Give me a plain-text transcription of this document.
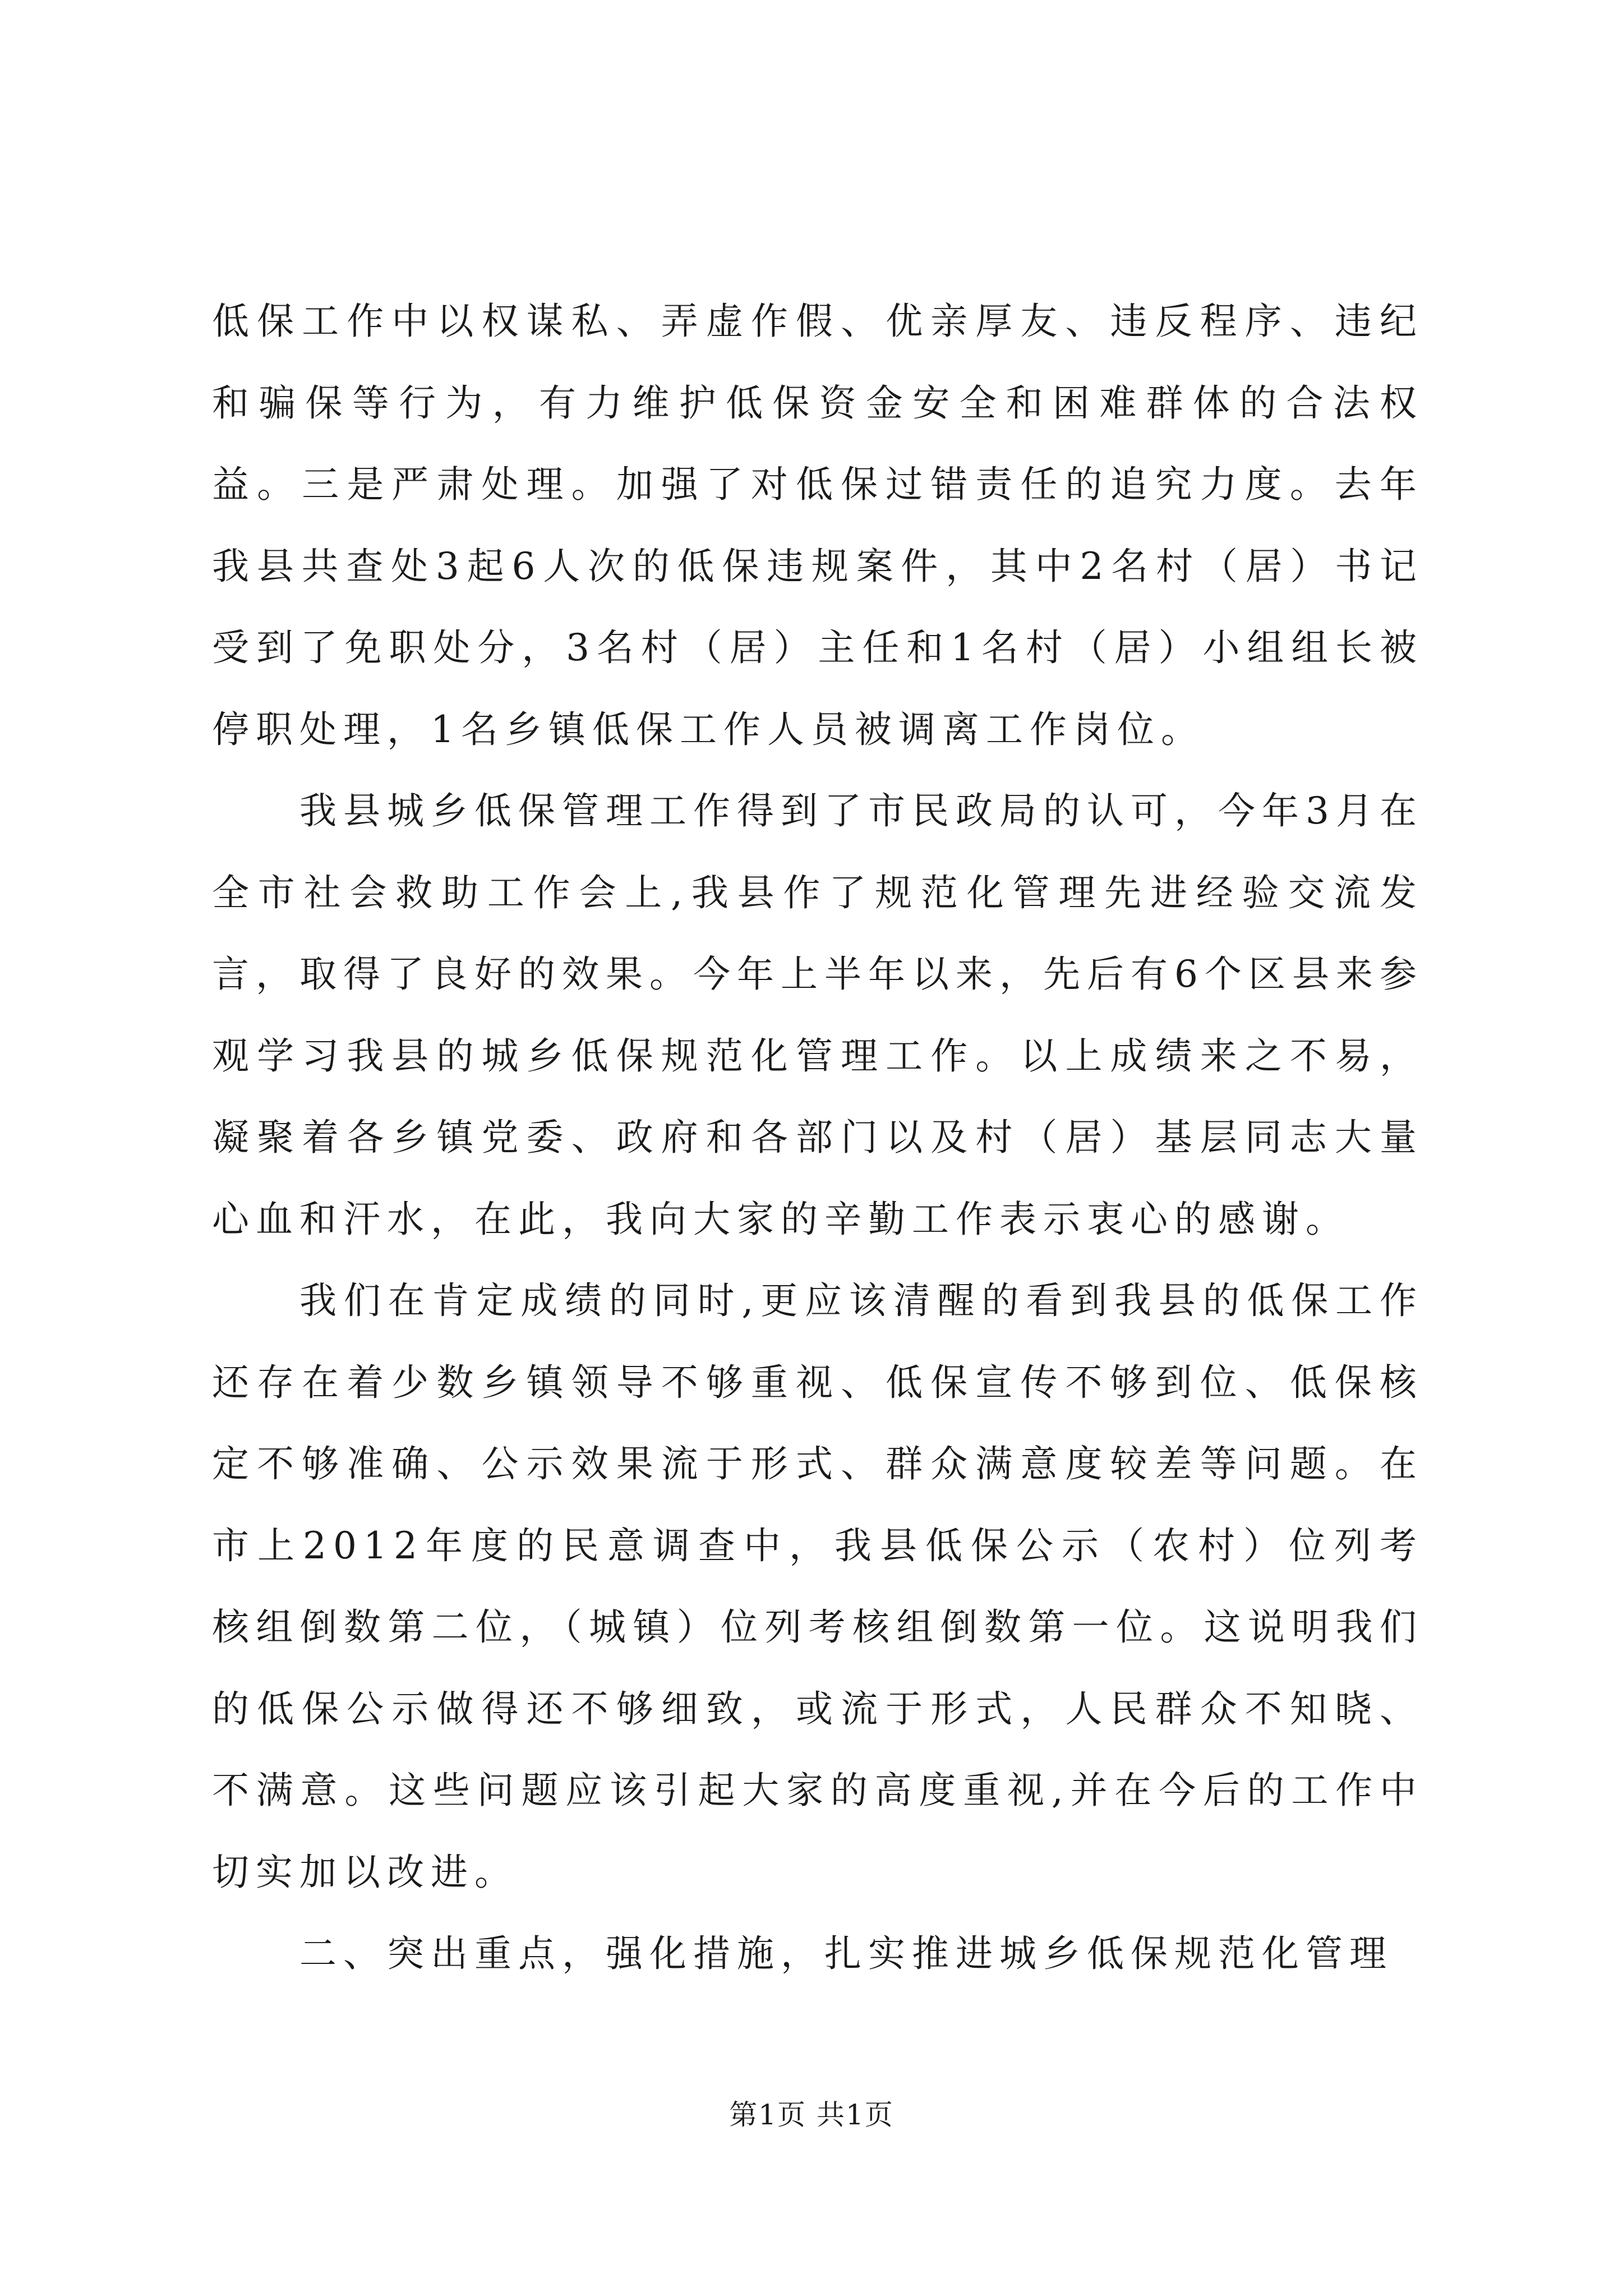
低保工作中以权谋私、弄虚作假、优亲厚友、违反程序、违纪和骗保等行为，有力维护低保资金安全和困难群体的合法权益。三是严肃处理。加强了对低保过错责任的追究力度。去年我县共查处3起6人次的低保违规案件，其中2名村（居）书记受到了免职处分，3名村（居）主任和1名村（居）小组组长被停职处理，1名乡镇低保工作人员被调离工作岗位。

我县城乡低保管理工作得到了市民政局的认可，今年3月在全市社会救助工作会上,我县作了规范化管理先进经验交流发言，取得了良好的效果。今年上半年以来，先后有6个区县来参观学习我县的城乡低保规范化管理工作。以上成绩来之不易，凝聚着各乡镇党委、政府和各部门以及村（居）基层同志大量心血和汗水，在此，我向大家的辛勤工作表示衷心的感谢。

我们在肯定成绩的同时,更应该清醒的看到我县的低保工作还存在着少数乡镇领导不够重视、低保宣传不够到位、低保核定不够准确、公示效果流于形式、群众满意度较差等问题。在市上2012年度的民意调查中，我县低保公示（农村）位列考核组倒数第二位，（城镇）位列考核组倒数第一位。这说明我们的低保公示做得还不够细致，或流于形式，人民群众不知晓、不满意。这些问题应该引起大家的高度重视,并在今后的工作中切实加以改进。

二、突出重点，强化措施，扎实推进城乡低保规范化管理

第1页 共1页
